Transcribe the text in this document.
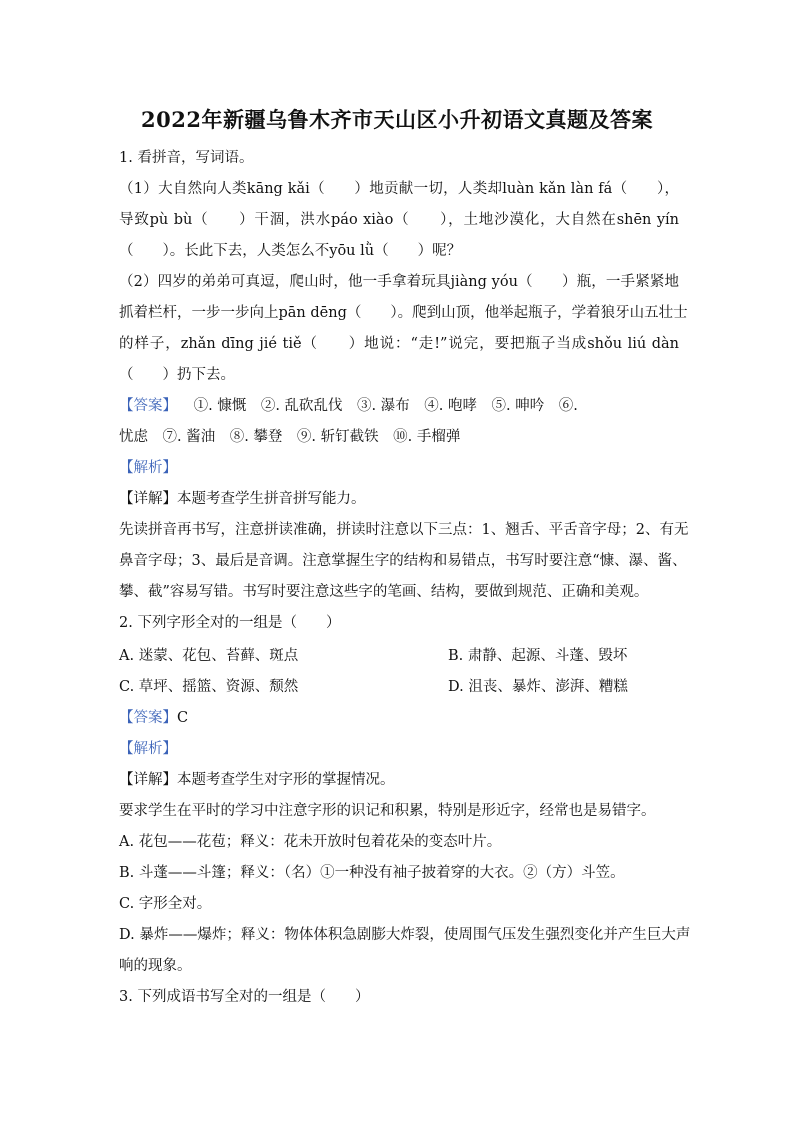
2022年新疆乌鲁木齐市天山区小升初语文真题及答案
1. 看拼音，写词语。
（1）大自然向人类kāng kǎi（　　）地贡献一切，人类却luàn kǎn làn fá（　　），
导致pù bù（　　）干涸，洪水páo xiào（　　），土地沙漠化，大自然在shēn yín
（　　）。长此下去，人类怎么不yōu lǜ（　　）呢？
（2）四岁的弟弟可真逗，爬山时，他一手拿着玩具jiàng yóu（　　）瓶，一手紧紧地
抓着栏杆，一步一步向上pān dēng（　　）。爬到山顶，他举起瓶子，学着狼牙山五壮士
的样子，zhǎn dīng jié tiě（　　）地说：“走!”说完，要把瓶子当成shǒu liú dàn
（　　）扔下去。
【答案】 ①. 慷慨　②. 乱砍乱伐　③. 瀑布　④. 咆哮　⑤. 呻吟　⑥.
忧虑　⑦. 酱油　⑧. 攀登　⑨. 斩钉截铁　⑩. 手榴弹
【解析】
【详解】本题考查学生拼音拼写能力。
先读拼音再书写，注意拼读准确，拼读时注意以下三点：1、翘舌、平舌音字母；2、有无
鼻音字母；3、最后是音调。注意掌握生字的结构和易错点，书写时要注意“慷、瀑、酱、
攀、截”容易写错。书写时要注意这些字的笔画、结构，要做到规范、正确和美观。
2. 下列字形全对的一组是（　　）
A. 迷蒙、花包、苔藓、斑点	B. 肃静、起源、斗蓬、毁坏
C. 草坪、摇篮、资源、颓然	D. 沮丧、暴炸、澎湃、糟糕
【答案】C
【解析】
【详解】本题考查学生对字形的掌握情况。
要求学生在平时的学习中注意字形的识记和积累，特别是形近字，经常也是易错字。
A. 花包——花苞；释义：花未开放时包着花朵的变态叶片。
B. 斗蓬——斗篷；释义：（名）①一种没有袖子披着穿的大衣。②（方）斗笠。
C. 字形全对。
D. 暴炸——爆炸；释义：物体体积急剧膨大炸裂，使周围气压发生强烈变化并产生巨大声
响的现象。
3. 下列成语书写全对的一组是（　　）
